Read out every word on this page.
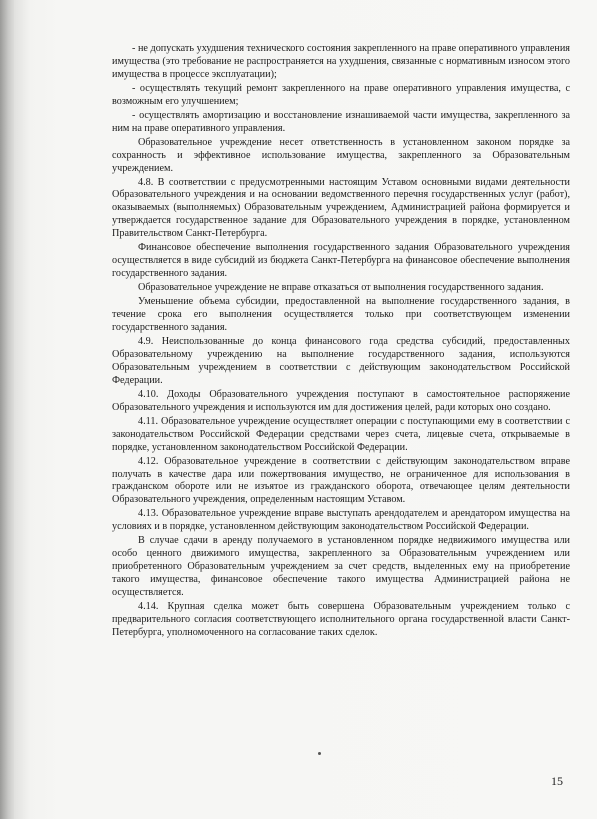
- не допускать ухудшения технического состояния закрепленного на праве оперативного управления имущества (это требование не распространяется на ухудшения, связанные с нормативным износом этого имущества в процессе эксплуатации);

- осуществлять текущий ремонт закрепленного на праве оперативного управления имущества, с возможным его улучшением;

- осуществлять амортизацию и восстановление изнашиваемой части имущества, закрепленного за ним на праве оперативного управления.

Образовательное учреждение несет ответственность в установленном законом порядке за сохранность и эффективное использование имущества, закрепленного за Образовательным учреждением.

4.8. В соответствии с предусмотренными настоящим Уставом основными видами деятельности Образовательного учреждения и на основании ведомственного перечня государственных услуг (работ), оказываемых (выполняемых) Образовательным учреждением, Администрацией района формируется и утверждается государственное задание для Образовательного учреждения в порядке, установленном Правительством Санкт-Петербурга.

Финансовое обеспечение выполнения государственного задания Образовательного учреждения осуществляется в виде субсидий из бюджета Санкт-Петербурга на финансовое обеспечение выполнения государственного задания.

Образовательное учреждение не вправе отказаться от выполнения государственного задания.

Уменьшение объема субсидии, предоставленной на выполнение государственного задания, в течение срока его выполнения осуществляется только при соответствующем изменении государственного задания.

4.9. Неиспользованные до конца финансового года средства субсидий, предоставленных Образовательному учреждению на выполнение государственного задания, используются Образовательным учреждением в соответствии с действующим законодательством Российской Федерации.

4.10. Доходы Образовательного учреждения поступают в самостоятельное распоряжение Образовательного учреждения и используются им для достижения целей, ради которых оно создано.

4.11. Образовательное учреждение осуществляет операции с поступающими ему в соответствии с законодательством Российской Федерации средствами через счета, лицевые счета, открываемые в порядке, установленном законодательством Российской Федерации.

4.12. Образовательное учреждение в соответствии с действующим законодательством вправе получать в качестве дара или пожертвования имущество, не ограниченное для использования в гражданском обороте или не изъятое из гражданского оборота, отвечающее целям деятельности Образовательного учреждения, определенным настоящим Уставом.

4.13. Образовательное учреждение вправе выступать арендодателем и арендатором имущества на условиях и в порядке, установленном действующим законодательством Российской Федерации.

В случае сдачи в аренду получаемого в установленном порядке недвижимого имущества или особо ценного движимого имущества, закрепленного за Образовательным учреждением или приобретенного Образовательным учреждением за счет средств, выделенных ему на приобретение такого имущества, финансовое обеспечение такого имущества Администрацией района не осуществляется.

4.14. Крупная сделка может быть совершена Образовательным учреждением только с предварительного согласия соответствующего исполнительного органа государственной власти Санкт-Петербурга, уполномоченного на согласование таких сделок.

15
